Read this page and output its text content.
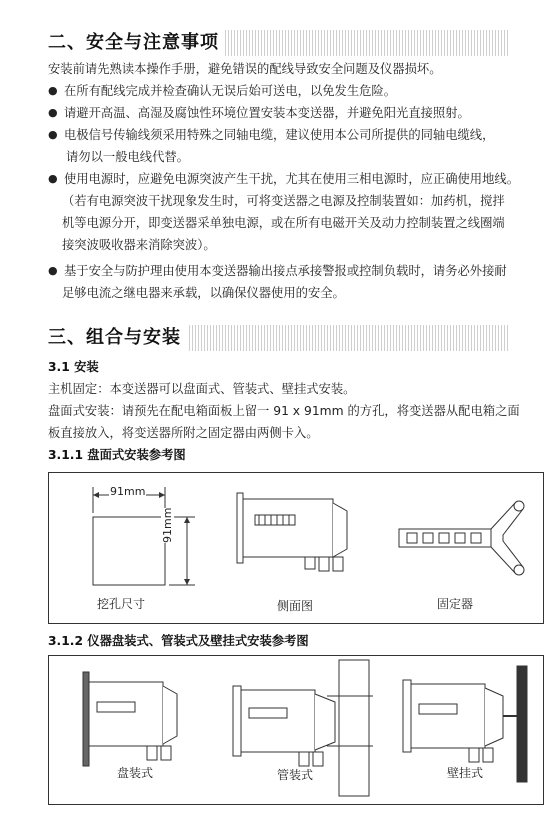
二、安全与注意事项
安装前请先熟读本操作手册，避免错误的配线导致安全问题及仪器损坏。
● 在所有配线完成并检查确认无误后始可送电，以免发生危险。
● 请避开高温、高湿及腐蚀性环境位置安装本变送器，并避免阳光直接照射。
● 电极信号传输线须采用特殊之同轴电缆，建议使用本公司所提供的同轴电缆线，
请勿以一般电线代替。
● 使用电源时，应避免电源突波产生干扰，尤其在使用三相电源时，应正确使用地线。
（若有电源突波干扰现象发生时，可将变送器之电源及控制装置如：加药机，搅拌
机等电源分开，即变送器采单独电源，或在所有电磁开关及动力控制装置之线圈端
接突波吸收器来消除突波）。
● 基于安全与防护理由使用本变送器输出接点承接警报或控制负载时，请务必外接耐
足够电流之继电器来承载，以确保仪器使用的安全。
三、组合与安装
3.1 安装
主机固定：本变送器可以盘面式、管装式、壁挂式安装。
盘面式安装：请预先在配电箱面板上留一 91 x 91mm 的方孔，将变送器从配电箱之面
板直接放入，将变送器所附之固定器由两侧卡入。
3.1.1 盘面式安装参考图
91mm
91mm
挖孔尺寸	侧面图	固定器
3.1.2 仪器盘装式、管装式及壁挂式安装参考图
盘装式	管装式	壁挂式
